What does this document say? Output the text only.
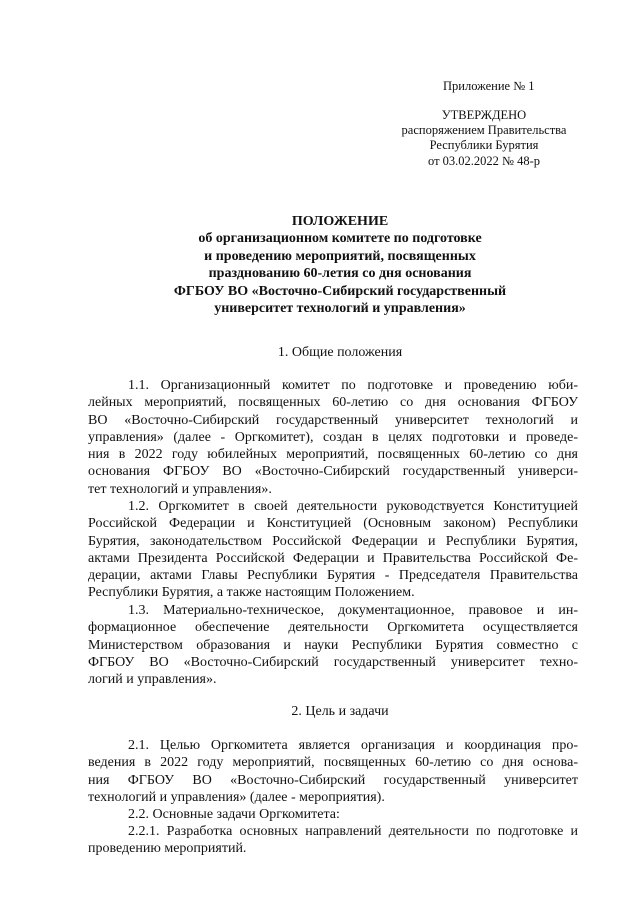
Приложение № 1
УТВЕРЖДЕНО
распоряжением Правительства
Республики Бурятия
от 03.02.2022 № 48-р
ПОЛОЖЕНИЕ
об организационном комитете по подготовке
и проведению мероприятий, посвященных
празднованию 60-летия со дня основания
ФГБОУ ВО «Восточно-Сибирский государственный
университет технологий и управления»
1. Общие положения
1.1. Организационный комитет по подготовке и проведению юби-
лейных мероприятий, посвященных 60-летию со дня основания ФГБОУ
ВО «Восточно-Сибирский государственный университет технологий и
управления» (далее - Оргкомитет), создан в целях подготовки и проведе-
ния в 2022 году юбилейных мероприятий, посвященных 60-летию со дня
основания ФГБОУ ВО «Восточно-Сибирский государственный универси-
тет технологий и управления».
1.2. Оргкомитет в своей деятельности руководствуется Конституцией
Российской Федерации и Конституцией (Основным законом) Республики
Бурятия, законодательством Российской Федерации и Республики Бурятия,
актами Президента Российской Федерации и Правительства Российской Фе-
дерации, актами Главы Республики Бурятия - Председателя Правительства
Республики Бурятия, а также настоящим Положением.
1.3. Материально-техническое, документационное, правовое и ин-
формационное обеспечение деятельности Оргкомитета осуществляется
Министерством образования и науки Республики Бурятия совместно с
ФГБОУ ВО «Восточно-Сибирский государственный университет техно-
логий и управления».
2. Цель и задачи
2.1. Целью Оргкомитета является организация и координация про-
ведения в 2022 году мероприятий, посвященных 60-летию со дня основа-
ния ФГБОУ ВО «Восточно-Сибирский государственный университет
технологий и управления» (далее - мероприятия).
2.2. Основные задачи Оргкомитета:
2.2.1. Разработка основных направлений деятельности по подготовке и
проведению мероприятий.
